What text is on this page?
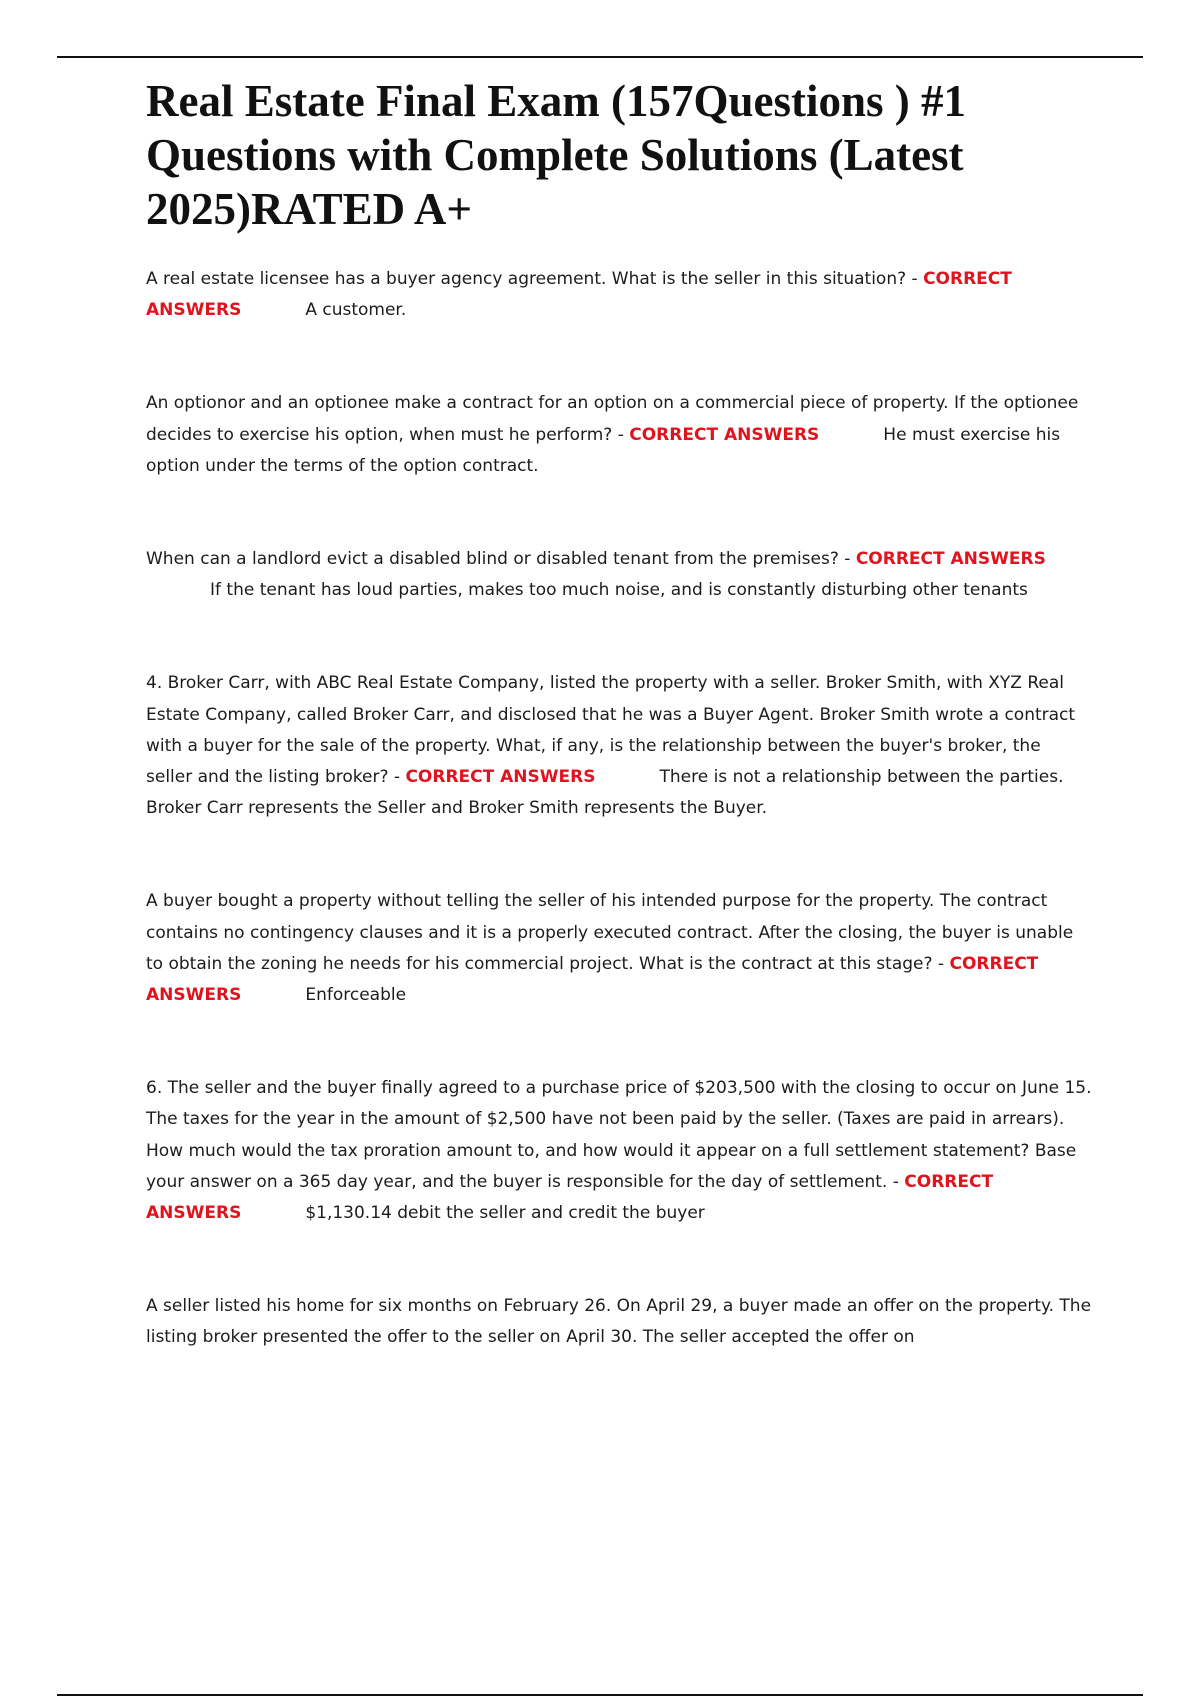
Real Estate Final Exam (157Questions ) #1 Questions with Complete Solutions (Latest 2025)RATED A+

A real estate licensee has a buyer agency agreement. What is the seller in this situation? - CORRECT ANSWERS	A customer.

An optionor and an optionee make a contract for an option on a commercial piece of property. If the optionee decides to exercise his option, when must he perform? - CORRECT ANSWERS	He must exercise his option under the terms of the option contract.

When can a landlord evict a disabled blind or disabled tenant from the premises? - CORRECT ANSWERSIf the tenant has loud parties, makes too much noise, and is constantly disturbing other tenants

4. Broker Carr, with ABC Real Estate Company, listed the property with a seller. Broker Smith, with XYZ Real Estate Company, called Broker Carr, and disclosed that he was a Buyer Agent. Broker Smith wrote a contract with a buyer for the sale of the property. What, if any, is the relationship between the buyer's broker, the seller and the listing broker? - CORRECT ANSWERS	There is not a relationship between the parties. Broker Carr represents the Seller and Broker Smith represents the Buyer.

A buyer bought a property without telling the seller of his intended purpose for the property. The contract contains no contingency clauses and it is a properly executed contract. After the closing, the buyer is unable to obtain the zoning he needs for his commercial project. What is the contract at this stage? - CORRECT ANSWERS	Enforceable

6. The seller and the buyer finally agreed to a purchase price of $203,500 with the closing to occur on June 15. The taxes for the year in the amount of $2,500 have not been paid by the seller. (Taxes are paid in arrears). How much would the tax proration amount to, and how would it appear on a full settlement statement? Base your answer on a 365 day year, and the buyer is responsible for the day of settlement. - CORRECT ANSWERS	$1,130.14 debit the seller and credit the buyer

A seller listed his home for six months on February 26. On April 29, a buyer made an offer on the property. The listing broker presented the offer to the seller on April 30. The seller accepted the offer on
